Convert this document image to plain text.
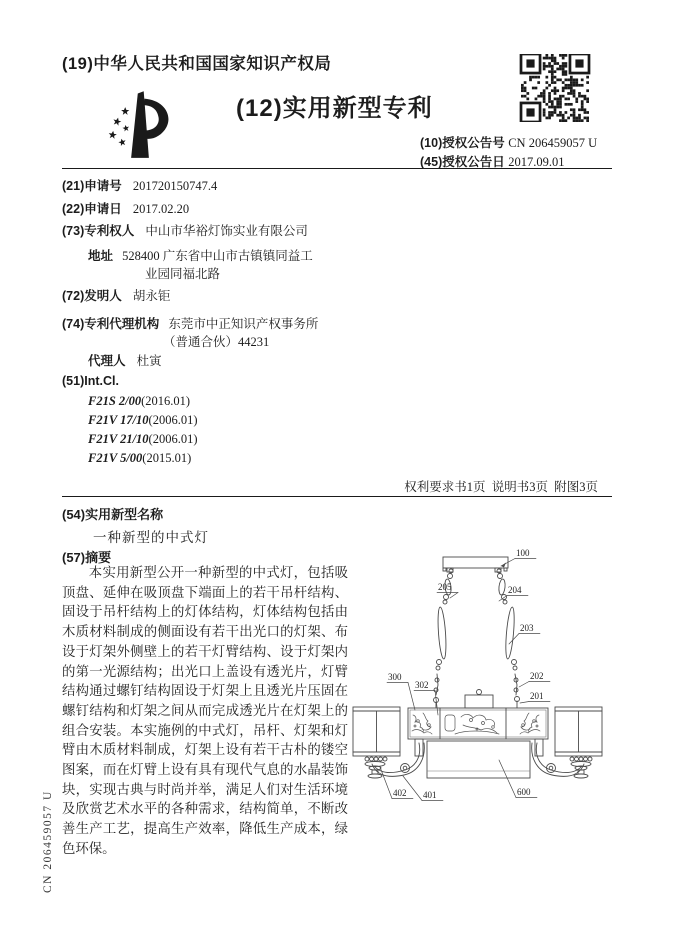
(19)中华人民共和国国家知识产权局
(12)实用新型专利
(10)授权公告号 CN 206459057 U
(45)授权公告日 2017.09.01
(21)申请号 201720150747.4
(22)申请日 2017.02.20
(73)专利权人 中山市华裕灯饰实业有限公司
地址 528400 广东省中山市古镇镇同益工
业园同福北路
(72)发明人 胡永钜
(74)专利代理机构 东莞市中正知识产权事务所
（普通合伙）44231
代理人 杜寅
(51)Int.Cl.
F21S 2/00(2016.01)
F21V 17/10(2006.01)
F21V 21/10(2006.01)
F21V 5/00(2015.01)
权利要求书1页  说明书3页  附图3页
(54)实用新型名称
一种新型的中式灯
(57)摘要
本实用新型公开一种新型的中式灯，包括吸顶盘、延伸在吸顶盘下端面上的若干吊杆结构、固设于吊杆结构上的灯体结构，灯体结构包括由木质材料制成的侧面设有若干出光口的灯架、布设于灯架外侧壁上的若干灯臂结构、设于灯架内的第一光源结构；出光口上盖设有透光片，灯臂结构通过螺钉结构固设于灯架上且透光片压固在螺钉结构和灯架之间从而完成透光片在灯架上的组合安装。本实施例的中式灯，吊杆、灯架和灯臂由木质材料制成，灯架上设有若干古朴的镂空图案，而在灯臂上设有具有现代气息的水晶装饰块，实现古典与时尚并举，满足人们对生活环境及欣赏艺术水平的各种需求，结构简单，不断改善生产工艺，提高生产效率，降低生产成本，绿色环保。
100
205	204
203
300
302
202
201
402 401	600
CN 206459057 U
